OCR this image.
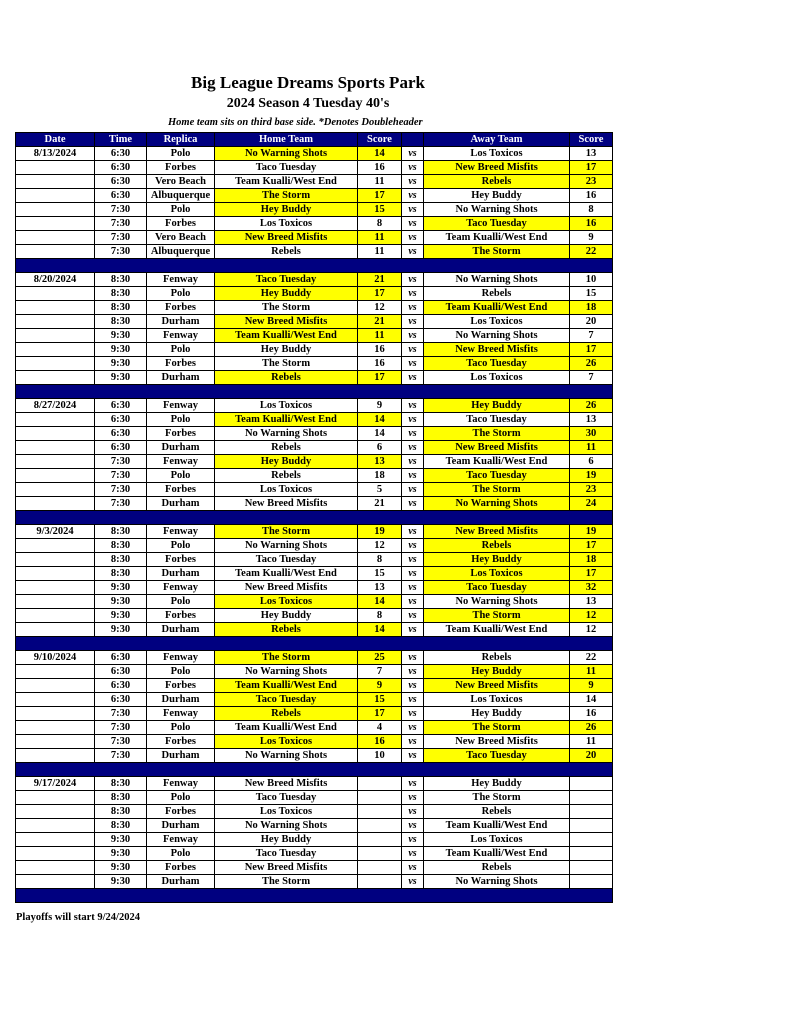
Big League Dreams Sports Park
2024 Season 4 Tuesday 40's
Home team sits on third base side. *Denotes Doubleheader
Date	Time	Replica	Home Team	Score		Away Team	Score
8/13/2024	6:30	Polo	No Warning Shots	14	vs	Los Toxicos	13
	6:30	Forbes	Taco Tuesday	16	vs	New Breed Misfits	17
	6:30	Vero Beach	Team Kualli/West End	11	vs	Rebels	23
	6:30	Albuquerque	The Storm	17	vs	Hey Buddy	16
	7:30	Polo	Hey Buddy	15	vs	No Warning Shots	8
	7:30	Forbes	Los Toxicos	8	vs	Taco Tuesday	16
	7:30	Vero Beach	New Breed Misfits	11	vs	Team Kualli/West End	9
	7:30	Albuquerque	Rebels	11	vs	The Storm	22

8/20/2024	8:30	Fenway	Taco Tuesday	21	vs	No Warning Shots	10
	8:30	Polo	Hey Buddy	17	vs	Rebels	15
	8:30	Forbes	The Storm	12	vs	Team Kualli/West End	18
	8:30	Durham	New Breed Misfits	21	vs	Los Toxicos	20
	9:30	Fenway	Team Kualli/West End	11	vs	No Warning Shots	7
	9:30	Polo	Hey Buddy	16	vs	New Breed Misfits	17
	9:30	Forbes	The Storm	16	vs	Taco Tuesday	26
	9:30	Durham	Rebels	17	vs	Los Toxicos	7

8/27/2024	6:30	Fenway	Los Toxicos	9	vs	Hey Buddy	26
	6:30	Polo	Team Kualli/West End	14	vs	Taco Tuesday	13
	6:30	Forbes	No Warning Shots	14	vs	The Storm	30
	6:30	Durham	Rebels	6	vs	New Breed Misfits	11
	7:30	Fenway	Hey Buddy	13	vs	Team Kualli/West End	6
	7:30	Polo	Rebels	18	vs	Taco Tuesday	19
	7:30	Forbes	Los Toxicos	5	vs	The Storm	23
	7:30	Durham	New Breed Misfits	21	vs	No Warning Shots	24

9/3/2024	8:30	Fenway	The Storm	19	vs	New Breed Misfits	19
	8:30	Polo	No Warning Shots	12	vs	Rebels	17
	8:30	Forbes	Taco Tuesday	8	vs	Hey Buddy	18
	8:30	Durham	Team Kualli/West End	15	vs	Los Toxicos	17
	9:30	Fenway	New Breed Misfits	13	vs	Taco Tuesday	32
	9:30	Polo	Los Toxicos	14	vs	No Warning Shots	13
	9:30	Forbes	Hey Buddy	8	vs	The Storm	12
	9:30	Durham	Rebels	14	vs	Team Kualli/West End	12

9/10/2024	6:30	Fenway	The Storm	25	vs	Rebels	22
	6:30	Polo	No Warning Shots	7	vs	Hey Buddy	11
	6:30	Forbes	Team Kualli/West End	9	vs	New Breed Misfits	9
	6:30	Durham	Taco Tuesday	15	vs	Los Toxicos	14
	7:30	Fenway	Rebels	17	vs	Hey Buddy	16
	7:30	Polo	Team Kualli/West End	4	vs	The Storm	26
	7:30	Forbes	Los Toxicos	16	vs	New Breed Misfits	11
	7:30	Durham	No Warning Shots	10	vs	Taco Tuesday	20

9/17/2024	8:30	Fenway	New Breed Misfits		vs	Hey Buddy	
	8:30	Polo	Taco Tuesday		vs	The Storm	
	8:30	Forbes	Los Toxicos		vs	Rebels	
	8:30	Durham	No Warning Shots		vs	Team Kualli/West End	
	9:30	Fenway	Hey Buddy		vs	Los Toxicos	
	9:30	Polo	Taco Tuesday		vs	Team Kualli/West End	
	9:30	Forbes	New Breed Misfits		vs	Rebels	
	9:30	Durham	The Storm		vs	No Warning Shots	

Playoffs will start 9/24/2024
